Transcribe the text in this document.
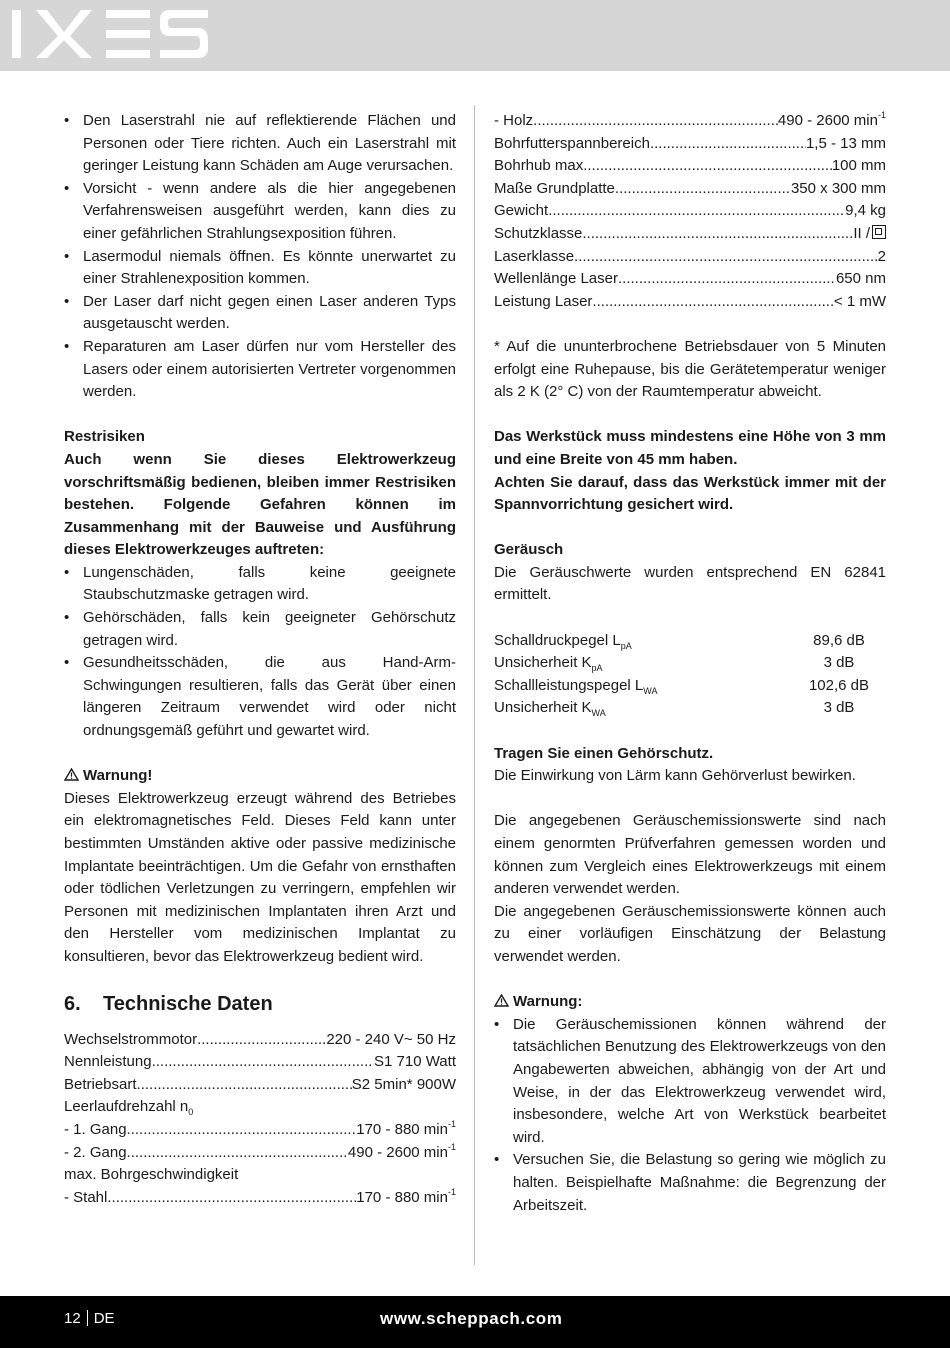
• Den Laserstrahl nie auf reflektierende Flächen und Personen oder Tiere richten. Auch ein Laserstrahl mit geringer Leistung kann Schäden am Auge verursachen.
• Vorsicht - wenn andere als die hier angegebenen Verfahrensweisen ausgeführt werden, kann dies zu einer gefährlichen Strahlungsexposition führen.
• Lasermodul niemals öffnen. Es könnte unerwartet zu einer Strahlenexposition kommen.
• Der Laser darf nicht gegen einen Laser anderen Typs ausgetauscht werden.
• Reparaturen am Laser dürfen nur vom Hersteller des Lasers oder einem autorisierten Vertreter vorgenommen werden.

Restrisiken

Auch wenn Sie dieses Elektrowerkzeug vorschriftsmäßig bedienen, bleiben immer Restrisiken bestehen. Folgende Gefahren können im Zusammenhang mit der Bauweise und Ausführung dieses Elektrowerkzeuges auftreten:

• Lungenschäden, falls keine geeignete Staubschutzmaske getragen wird.
• Gehörschäden, falls kein geeigneter Gehörschutz getragen wird.
• Gesundheitsschäden, die aus Hand-Arm-Schwingungen resultieren, falls das Gerät über einen längeren Zeitraum verwendet wird oder nicht ordnungsgemäß geführt und gewartet wird.

Warnung!

Dieses Elektrowerkzeug erzeugt während des Betriebes ein elektromagnetisches Feld. Dieses Feld kann unter bestimmten Umständen aktive oder passive medizinische Implantate beeinträchtigen. Um die Gefahr von ernsthaften oder tödlichen Verletzungen zu verringern, empfehlen wir Personen mit medizinischen Implantaten ihren Arzt und den Hersteller vom medizinischen Implantat zu konsultieren, bevor das Elektrowerkzeug bedient wird.

6. Technische Daten
Wechselstrommotor .....	220 - 240 V~ 50 Hz
Nennleistung .....	S1 710 Watt
Betriebsart .....	S2 5min* 900W
Leerlaufdrehzahl $n_0$
- 1. Gang .....	170 - 880 $\min^{-1}$
- 2. Gang .....	490 - 2600 $\min^{-1}$
max. Bohrgeschwindigkeit
- Stahl .....	170 - 880 $\min^{-1}$
- Holz .....	490 - 2600 $\min^{-1}$
Bohrfutterspannbereich .....	1,5 - 13 mm
Bohrhub max. .....	100 mm
Maße Grundplatte .....	350 x 300 mm
Gewicht .....	9,4 kg
Schutzklasse .....	II /
Laserklasse .....	2
Wellenlänge Laser .....	650 nm
Leistung Laser .....	< 1 mW

* Auf die ununterbrochene Betriebsdauer von 5 Minuten erfolgt eine Ruhepause, bis die Gerätetemperatur weniger als 2 K (2° C) von der Raumtemperatur abweicht.

Das Werkstück muss mindestens eine Höhe von 3 mm und eine Breite von 45 mm haben.

Achten Sie darauf, dass das Werkstück immer mit der Spannvorrichtung gesichert wird.

Geräusch

Die Geräuschwerte wurden entsprechend EN 62841 ermittelt.

Schalldruckpegel $L_{pA}$	89,6 dB
Unsicherheit $K_{pA}$	3 dB
Schallleistungspegel $L_{WA}$	102,6 dB
Unsicherheit $K_{WA}$	3 dB

Tragen Sie einen Gehörschutz.

Die Einwirkung von Lärm kann Gehörverlust bewirken.

Die angegebenen Geräuschemissionswerte sind nach einem genormten Prüfverfahren gemessen worden und können zum Vergleich eines Elektrowerkzeugs mit einem anderen verwendet werden.

Die angegebenen Geräuschemissionswerte können auch zu einer vorläufigen Einschätzung der Belastung verwendet werden.

Warnung:

• Die Geräuschemissionen können während der tatsächlichen Benutzung des Elektrowerkzeugs von den Angabewerten abweichen, abhängig von der Art und Weise, in der das Elektrowerkzeug verwendet wird, insbesondere, welche Art von Werkstück bearbeitet wird.
• Versuchen Sie, die Belastung so gering wie möglich zu halten. Beispielhafte Maßnahme: die Begrenzung der Arbeitszeit.
12 DE	www.scheppach.com
